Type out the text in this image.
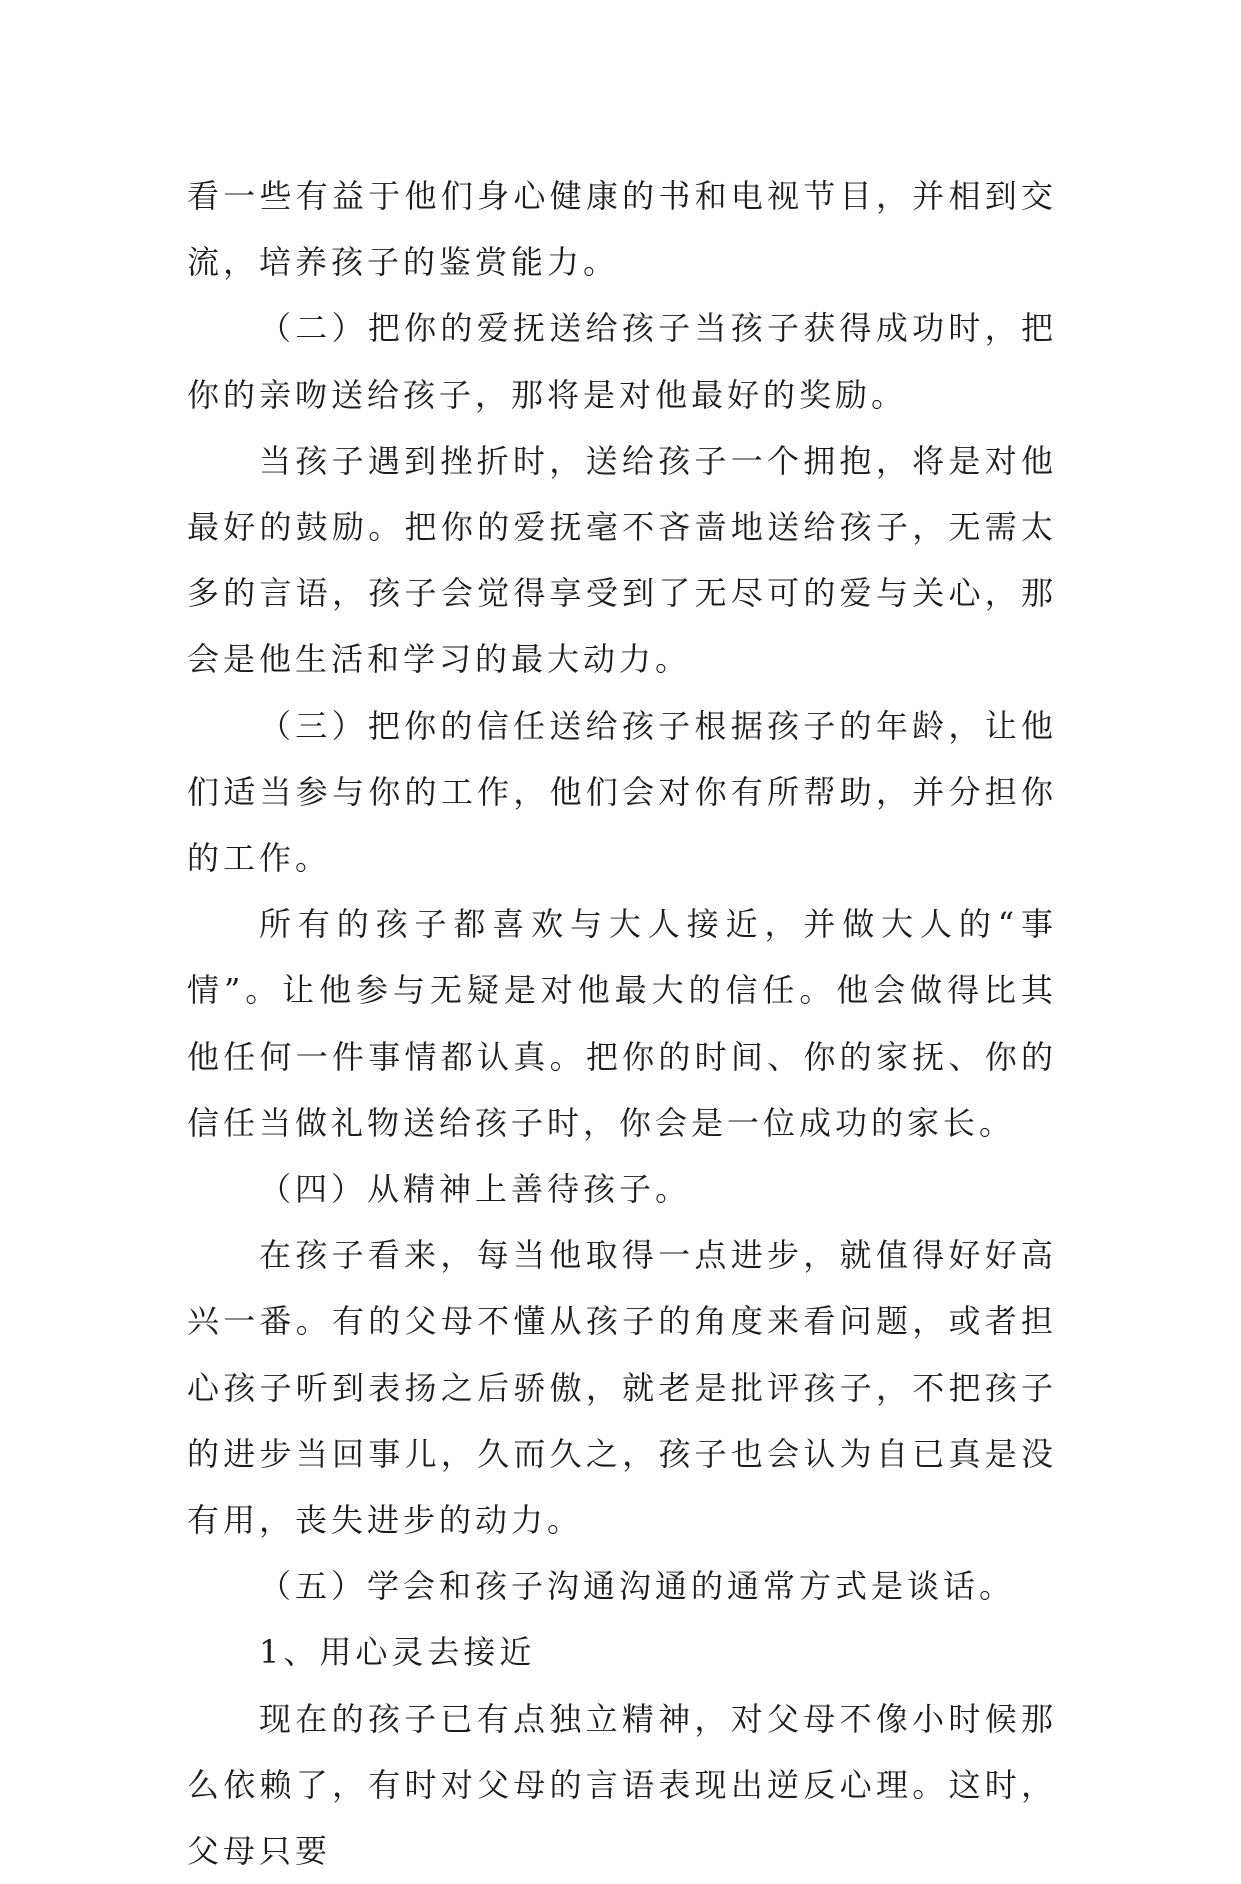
看一些有益于他们身心健康的书和电视节目，并相到交流，培养孩子的鉴赏能力。

（二）把你的爱抚送给孩子当孩子获得成功时，把你的亲吻送给孩子，那将是对他最好的奖励。

当孩子遇到挫折时，送给孩子一个拥抱，将是对他最好的鼓励。把你的爱抚毫不吝啬地送给孩子，无需太多的言语，孩子会觉得享受到了无尽可的爱与关心，那会是他生活和学习的最大动力。

（三）把你的信任送给孩子根据孩子的年龄，让他们适当参与你的工作，他们会对你有所帮助，并分担你的工作。

所有的孩子都喜欢与大人接近，并做大人的“事情”。让他参与无疑是对他最大的信任。他会做得比其他任何一件事情都认真。把你的时间、你的家抚、你的信任当做礼物送给孩子时，你会是一位成功的家长。

（四）从精神上善待孩子。

在孩子看来，每当他取得一点进步，就值得好好高兴一番。有的父母不懂从孩子的角度来看问题，或者担心孩子听到表扬之后骄傲，就老是批评孩子，不把孩子的进步当回事儿，久而久之，孩子也会认为自已真是没有用，丧失进步的动力。

（五）学会和孩子沟通沟通的通常方式是谈话。

1、用心灵去接近

现在的孩子已有点独立精神，对父母不像小时候那么依赖了，有时对父母的言语表现出逆反心理。这时，父母只要
